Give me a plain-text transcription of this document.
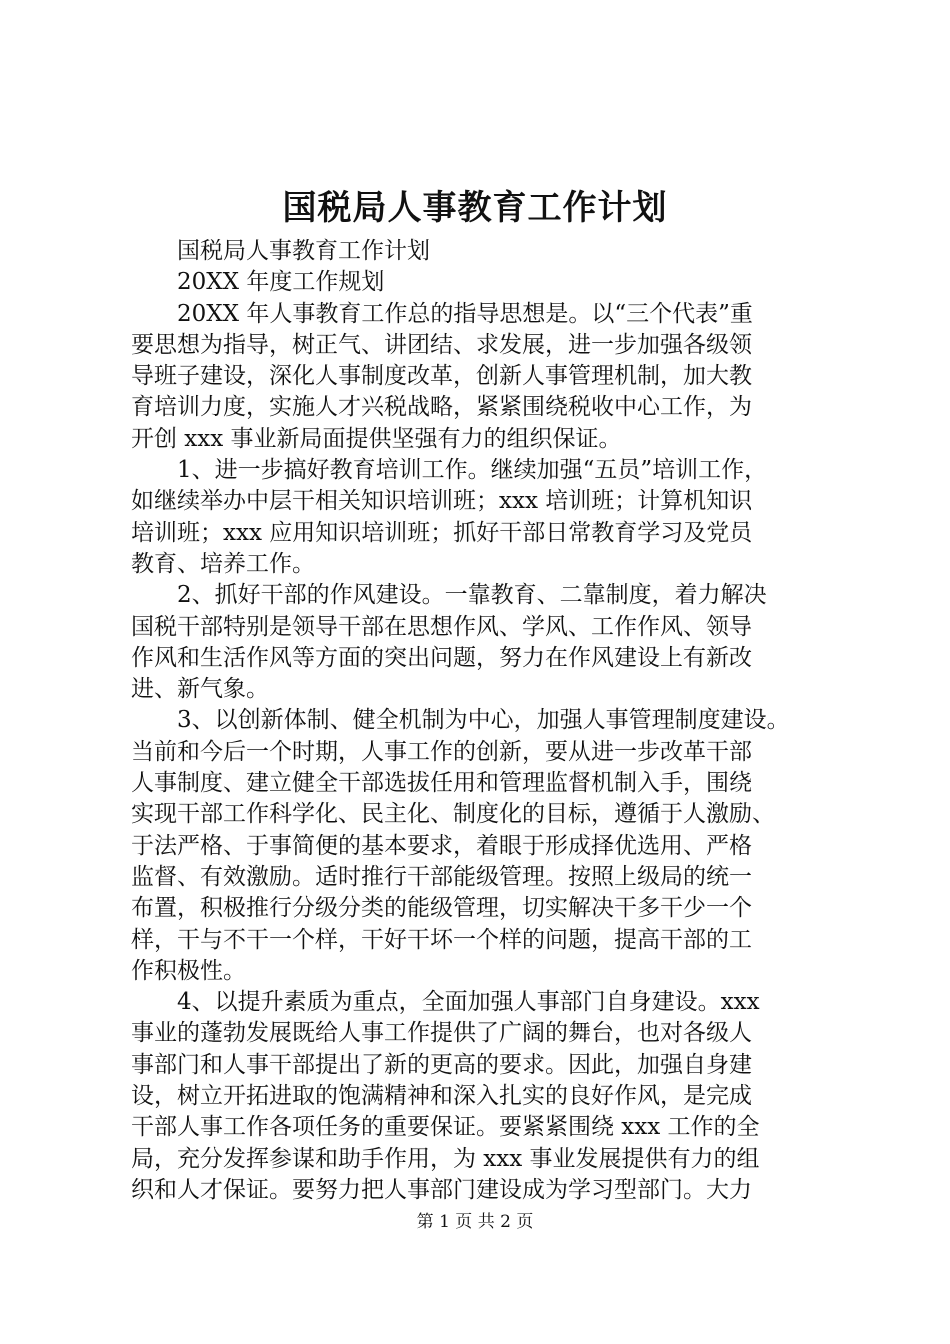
国税局人事教育工作计划
国税局人事教育工作计划
20XX 年度工作规划
20XX 年人事教育工作总的指导思想是。以“三个代表”重
要思想为指导，树正气、讲团结、求发展，进一步加强各级领
导班子建设，深化人事制度改革，创新人事管理机制，加大教
育培训力度，实施人才兴税战略，紧紧围绕税收中心工作，为
开创 xxx 事业新局面提供坚强有力的组织保证。
1、进一步搞好教育培训工作。继续加强“五员”培训工作，
如继续举办中层干相关知识培训班；xxx 培训班；计算机知识
培训班；xxx 应用知识培训班；抓好干部日常教育学习及党员
教育、培养工作。
2、抓好干部的作风建设。一靠教育、二靠制度，着力解决
国税干部特别是领导干部在思想作风、学风、工作作风、领导
作风和生活作风等方面的突出问题，努力在作风建设上有新改
进、新气象。
3、以创新体制、健全机制为中心，加强人事管理制度建设。
当前和今后一个时期，人事工作的创新，要从进一步改革干部
人事制度、建立健全干部选拔任用和管理监督机制入手，围绕
实现干部工作科学化、民主化、制度化的目标，遵循于人激励、
于法严格、于事简便的基本要求，着眼于形成择优选用、严格
监督、有效激励。适时推行干部能级管理。按照上级局的统一
布置，积极推行分级分类的能级管理，切实解决干多干少一个
样，干与不干一个样，干好干坏一个样的问题，提高干部的工
作积极性。
4、以提升素质为重点，全面加强人事部门自身建设。xxx
事业的蓬勃发展既给人事工作提供了广阔的舞台，也对各级人
事部门和人事干部提出了新的更高的要求。因此，加强自身建
设，树立开拓进取的饱满精神和深入扎实的良好作风，是完成
干部人事工作各项任务的重要保证。要紧紧围绕 xxx 工作的全
局，充分发挥参谋和助手作用，为 xxx 事业发展提供有力的组
织和人才保证。要努力把人事部门建设成为学习型部门。大力
第 1 页 共 2 页
